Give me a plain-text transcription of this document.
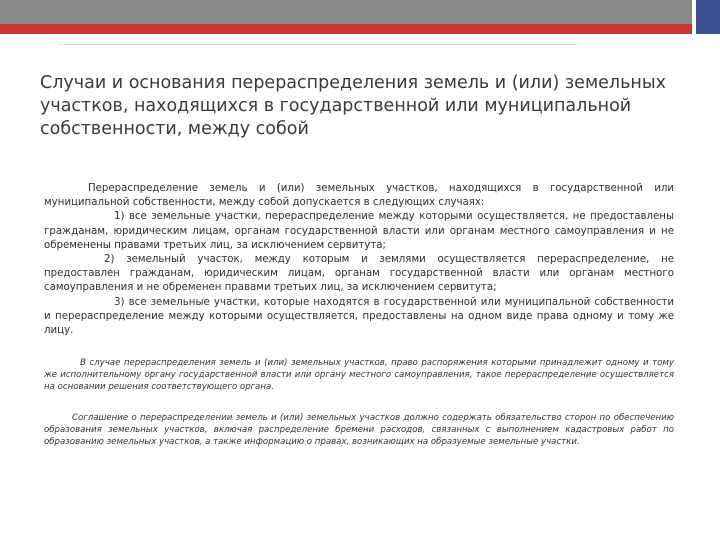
Случаи и основания перераспределения земель и (или) земельных участков, находящихся в государственной или муниципальной собственности, между собой

Перераспределение земель и (или) земельных участков, находящихся в государственной или муниципальной собственности, между собой допускается в следующих случаях:

1) все земельные участки, перераспределение между которыми осуществляется, не предоставлены гражданам, юридическим лицам, органам государственной власти или органам местного самоуправления и не обременены правами третьих лиц, за исключением сервитута;

2) земельный участок, между которым и землями осуществляется перераспределение, не предоставлен гражданам, юридическим лицам, органам государственной власти или органам местного самоуправления и не обременен правами третьих лиц, за исключением сервитута;

3) все земельные участки, которые находятся в государственной или муниципальной собственности и перераспределение между которыми осуществляется, предоставлены на одном виде права одному и тому же лицу.

В случае перераспределения земель и (или) земельных участков, право распоряжения которыми принадлежит одному и тому же исполнительному органу государственной власти или органу местного самоуправления, такое перераспределение осуществляется на основании решения соответствующего органа.

Соглашение о перераспределении земель и (или) земельных участков должно содержать обязательство сторон по обеспечению образования земельных участков, включая распределение бремени расходов, связанных с выполнением кадастровых работ по образованию земельных участков, а также информацию о правах, возникающих на образуемые земельные участки.
